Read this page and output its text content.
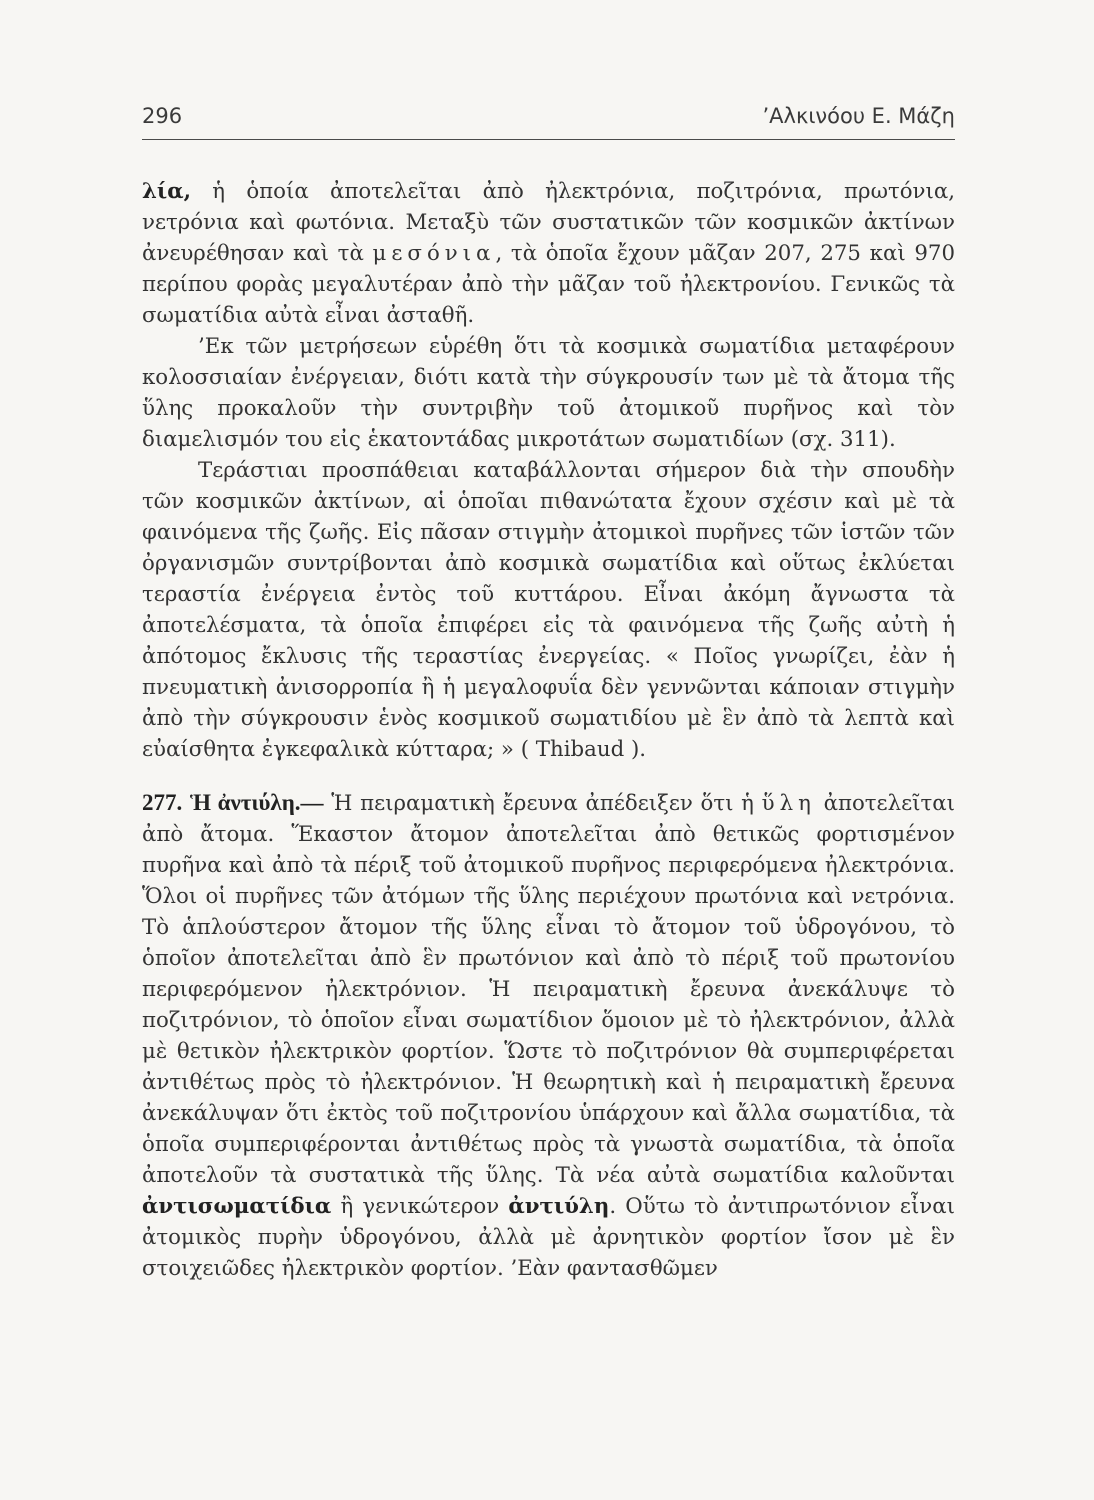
296	’Αλκινόου Ε. Μάζη

λία, ἡ ὁποία ἀποτελεῖται ἀπὸ ἠλεκτρόνια, ποζιτρόνια, πρωτόνια, νετρόνια καὶ φωτόνια. Μεταξὺ τῶν συστατικῶν τῶν κοσμικῶν ἀκτίνων ἀνευρέθησαν καὶ τὰ μεσόνια, τὰ ὁποῖα ἔχουν μᾶζαν 207, 275 καὶ 970 περίπου φορὰς μεγαλυτέραν ἀπὸ τὴν μᾶζαν τοῦ ἠλεκτρονίου. Γενικῶς τὰ σωματίδια αὐτὰ εἶναι ἀσταθῆ.

’Εκ τῶν μετρήσεων εὑρέθη ὅτι τὰ κοσμικὰ σωματίδια μεταφέρουν κολοσσιαίαν ἐνέργειαν, διότι κατὰ τὴν σύγκρουσίν των μὲ τὰ ἄτομα τῆς ὕλης προκαλοῦν τὴν συντριβὴν τοῦ ἀτομικοῦ πυρῆνος καὶ τὸν διαμελισμόν του εἰς ἑκατοντάδας μικροτάτων σωματιδίων (σχ. 311).

Τεράστιαι προσπάθειαι καταβάλλονται σήμερον διὰ τὴν σπουδὴν τῶν κοσμικῶν ἀκτίνων, αἱ ὁποῖαι πιθανώτατα ἔχουν σχέσιν καὶ μὲ τὰ φαινόμενα τῆς ζωῆς. Εἰς πᾶσαν στιγμὴν ἀτομικοὶ πυρῆνες τῶν ἱστῶν τῶν ὀργανισμῶν συντρίβονται ἀπὸ κοσμικὰ σωματίδια καὶ οὕτως ἐκλύεται τεραστία ἐνέργεια ἐντὸς τοῦ κυττάρου. Εἶναι ἀκόμη ἄγνωστα τὰ ἀποτελέσματα, τὰ ὁποῖα ἐπιφέρει εἰς τὰ φαινόμενα τῆς ζωῆς αὐτὴ ἡ ἀπότομος ἔκλυσις τῆς τεραστίας ἐνεργείας. « Ποῖος γνωρίζει, ἐὰν ἡ πνευματικὴ ἀνισορροπία ἢ ἡ μεγαλοφυΐα δὲν γεννῶνται κάποιαν στιγμὴν ἀπὸ τὴν σύγκρουσιν ἑνὸς κοσμικοῦ σωματιδίου μὲ ἓν ἀπὸ τὰ λεπτὰ καὶ εὐαίσθητα ἐγκεφαλικὰ κύτταρα; » ( Thibaud ).

277. Ἡ ἀντιύλη.— Ἡ πειραματικὴ ἔρευνα ἀπέδειξεν ὅτι ἡ ὕλη ἀποτελεῖται ἀπὸ ἄτομα. Ἕκαστον ἄτομον ἀποτελεῖται ἀπὸ θετικῶς φορτισμένον πυρῆνα καὶ ἀπὸ τὰ πέριξ τοῦ ἀτομικοῦ πυρῆνος περιφερόμενα ἠλεκτρόνια. Ὅλοι οἱ πυρῆνες τῶν ἀτόμων τῆς ὕλης περιέχουν πρωτόνια καὶ νετρόνια. Τὸ ἁπλούστερον ἄτομον τῆς ὕλης εἶναι τὸ ἄτομον τοῦ ὑδρογόνου, τὸ ὁποῖον ἀποτελεῖται ἀπὸ ἓν πρωτόνιον καὶ ἀπὸ τὸ πέριξ τοῦ πρωτονίου περιφερόμενον ἠλεκτρόνιον. Ἡ πειραματικὴ ἔρευνα ἀνεκάλυψε τὸ ποζιτρόνιον, τὸ ὁποῖον εἶναι σωματίδιον ὅμοιον μὲ τὸ ἠλεκτρόνιον, ἀλλὰ μὲ θετικὸν ἠλεκτρικὸν φορτίον. Ὥστε τὸ ποζιτρόνιον θὰ συμπεριφέρεται ἀντιθέτως πρὸς τὸ ἠλεκτρόνιον. Ἡ θεωρητικὴ καὶ ἡ πειραματικὴ ἔρευνα ἀνεκάλυψαν ὅτι ἐκτὸς τοῦ ποζιτρονίου ὑπάρχουν καὶ ἄλλα σωματίδια, τὰ ὁποῖα συμπεριφέρονται ἀντιθέτως πρὸς τὰ γνωστὰ σωματίδια, τὰ ὁποῖα ἀποτελοῦν τὰ συστατικὰ τῆς ὕλης. Τὰ νέα αὐτὰ σωματίδια καλοῦνται ἀντισωματίδια ἢ γενικώτερον ἀντιύλη. Οὕτω τὸ ἀντιπρωτόνιον εἶναι ἀτομικὸς πυρὴν ὑδρογόνου, ἀλλὰ μὲ ἀρνητικὸν φορτίον ἴσον μὲ ἓν στοιχειῶδες ἠλεκτρικὸν φορτίον. ’Εὰν φαντασθῶμεν
